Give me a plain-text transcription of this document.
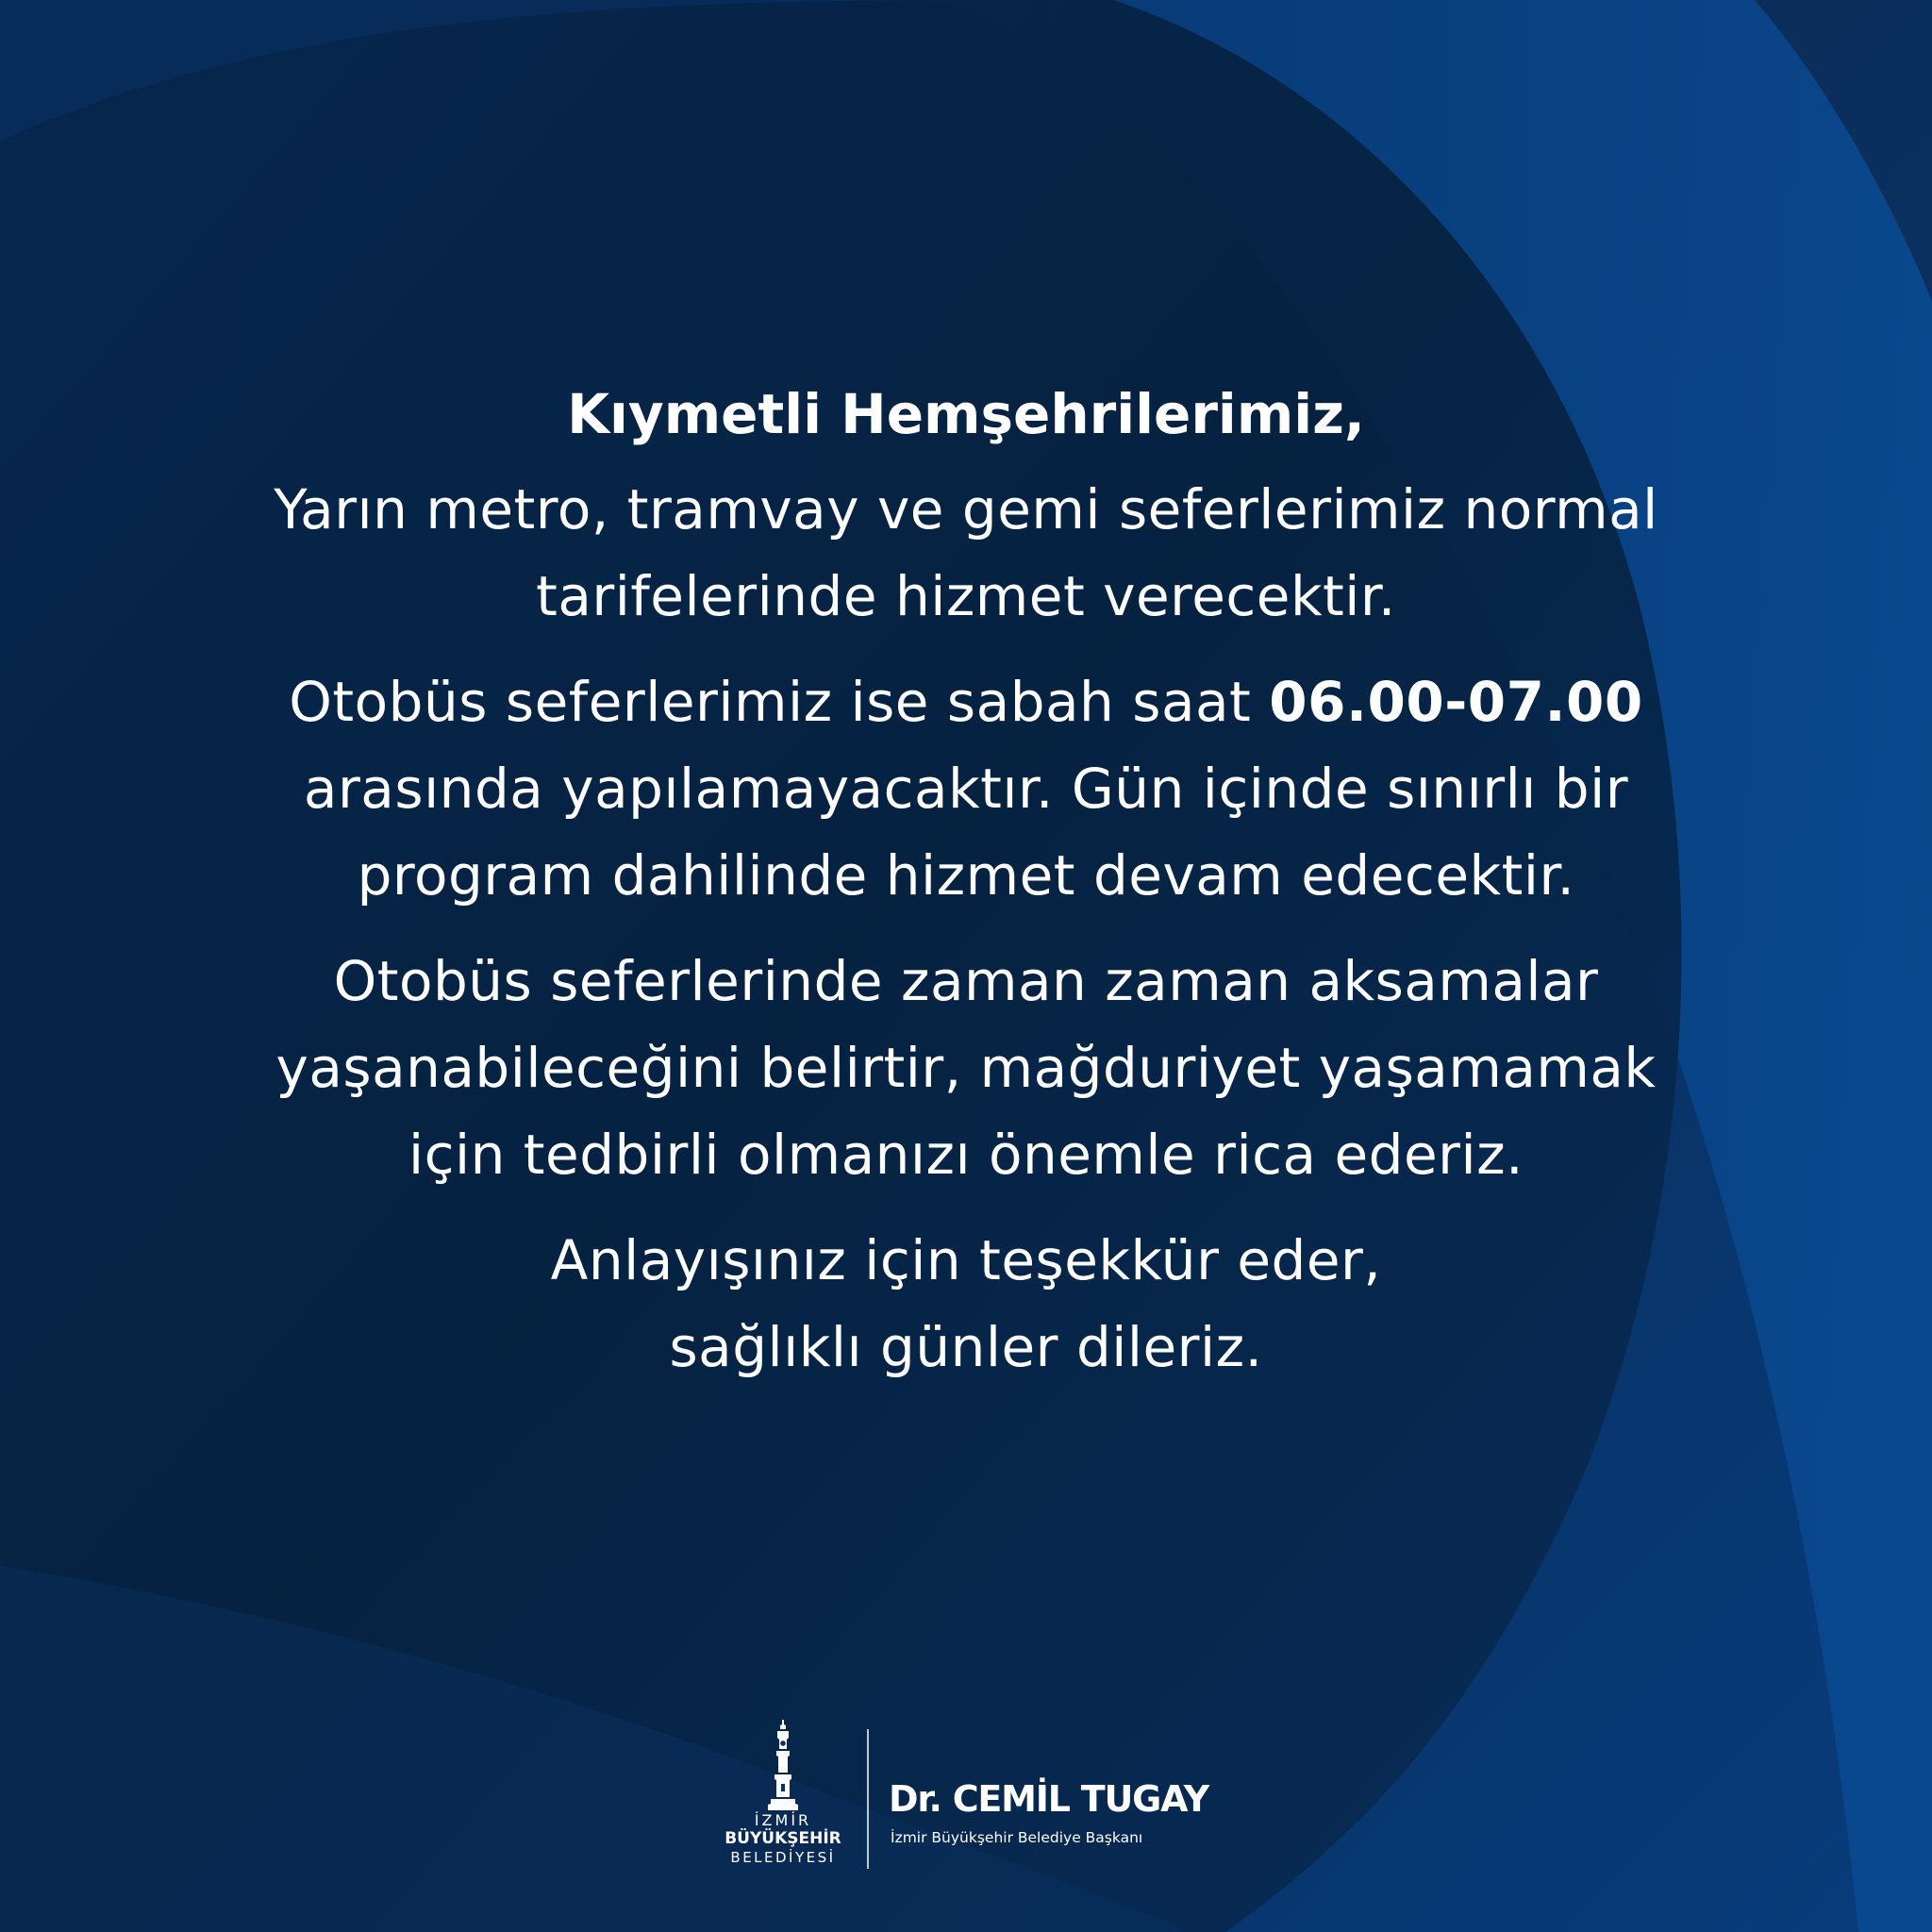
Kıymetli Hemşehrilerimiz,
Yarın metro, tramvay ve gemi seferlerimiz normal
tarifelerinde hizmet verecektir.
Otobüs seferlerimiz ise sabah saat 06.00-07.00
arasında yapılamayacaktır. Gün içinde sınırlı bir
program dahilinde hizmet devam edecektir.
Otobüs seferlerinde zaman zaman aksamalar
yaşanabileceğini belirtir, mağduriyet yaşamamak
için tedbirli olmanızı önemle rica ederiz.
Anlayışınız için teşekkür eder,
sağlıklı günler dileriz.
İZMİR
BÜYÜKŞEHİR
BELEDİYESİ
Dr. CEMİL TUGAY
İzmir Büyükşehir Belediye Başkanı
